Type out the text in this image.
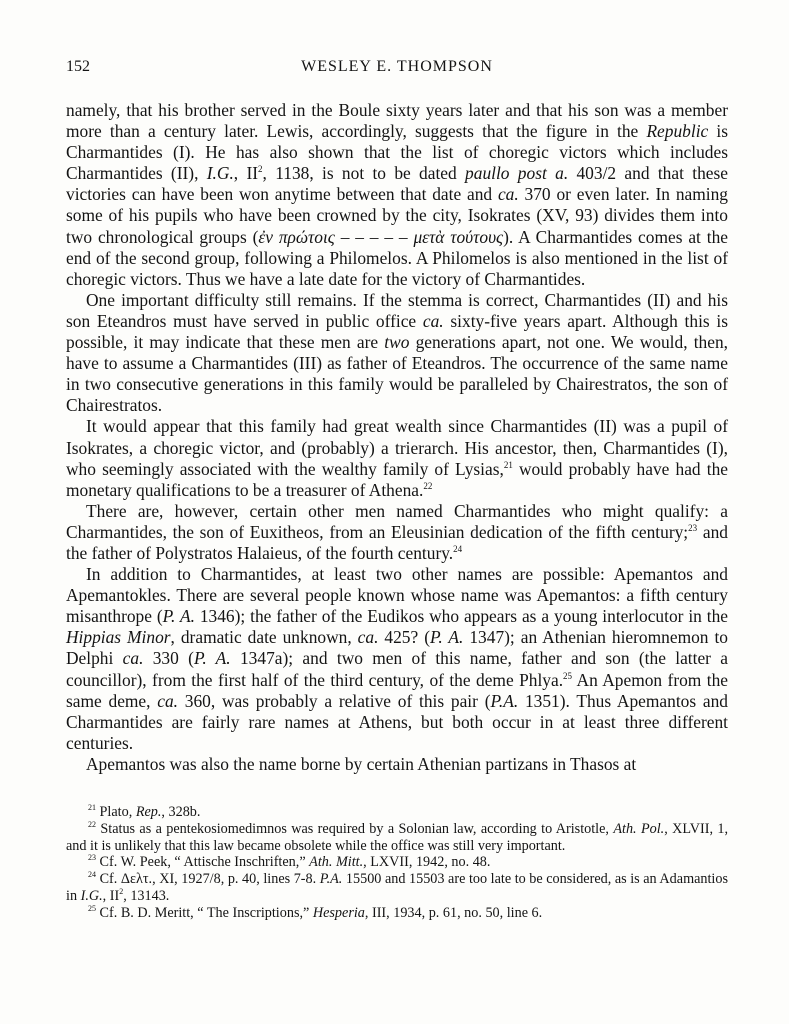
152	WESLEY E. THOMPSON

namely, that his brother served in the Boule sixty years later and that his son was a member more than a century later. Lewis, accordingly, suggests that the figure in the Republic is Charmantides (I). He has also shown that the list of choregic victors which includes Charmantides (II), I.G., $II^2$, 1138, is not to be dated paullo post a. 403/2 and that these victories can have been won anytime between that date and ca. 370 or even later. In naming some of his pupils who have been crowned by the city, Isokrates (XV, 93) divides them into two chronological groups (ἐν πρώτοις – – – – – μετὰ τούτους). A Charmantides comes at the end of the second group, following a Philomelos. A Philomelos is also mentioned in the list of choregic victors. Thus we have a late date for the victory of Charmantides.

One important difficulty still remains. If the stemma is correct, Charmantides (II) and his son Eteandros must have served in public office ca. sixty-five years apart. Although this is possible, it may indicate that these men are two generations apart, not one. We would, then, have to assume a Charmantides (III) as father of Eteandros. The occurrence of the same name in two consecutive generations in this family would be paralleled by Chairestratos, the son of Chairestratos.

It would appear that this family had great wealth since Charmantides (II) was a pupil of Isokrates, a choregic victor, and (probably) a trierarch. His ancestor, then, Charmantides (I), who seemingly associated with the wealthy family of Lysias,$^{21}$ would probably have had the monetary qualifications to be a treasurer of Athena.$^{22}$

There are, however, certain other men named Charmantides who might qualify: a Charmantides, the son of Euxitheos, from an Eleusinian dedication of the fifth century;$^{23}$ and the father of Polystratos Halaieus, of the fourth century.$^{24}$

In addition to Charmantides, at least two other names are possible: Apemantos and Apemantokles. There are several people known whose name was Apemantos: a fifth century misanthrope (P. A. 1346); the father of the Eudikos who appears as a young interlocutor in the Hippias Minor, dramatic date unknown, ca. 425? (P. A. 1347); an Athenian hieromnemon to Delphi ca. 330 (P. A. 1347a); and two men of this name, father and son (the latter a councillor), from the first half of the third century, of the deme Phlya.$^{25}$ An Apemon from the same deme, ca. 360, was probably a relative of this pair (P.A. 1351). Thus Apemantos and Charmantides are fairly rare names at Athens, but both occur in at least three different centuries.

Apemantos was also the name borne by certain Athenian partizans in Thasos at

$^{21}$ Plato, Rep., 328b.

$^{22}$ Status as a pentekosiomedimnos was required by a Solonian law, according to Aristotle, Ath. Pol., XLVII, 1, and it is unlikely that this law became obsolete while the office was still very important.

$^{23}$ Cf. W. Peek, “ Attische Inschriften,” Ath. Mitt., LXVII, 1942, no. 48.

$^{24}$ Cf. Δελτ., XI, 1927/8, p. 40, lines 7-8. P.A. 15500 and 15503 are too late to be considered, as is an Adamantios in I.G., $II^2$, 13143.

$^{25}$ Cf. B. D. Meritt, “ The Inscriptions,” Hesperia, III, 1934, p. 61, no. 50, line 6.
